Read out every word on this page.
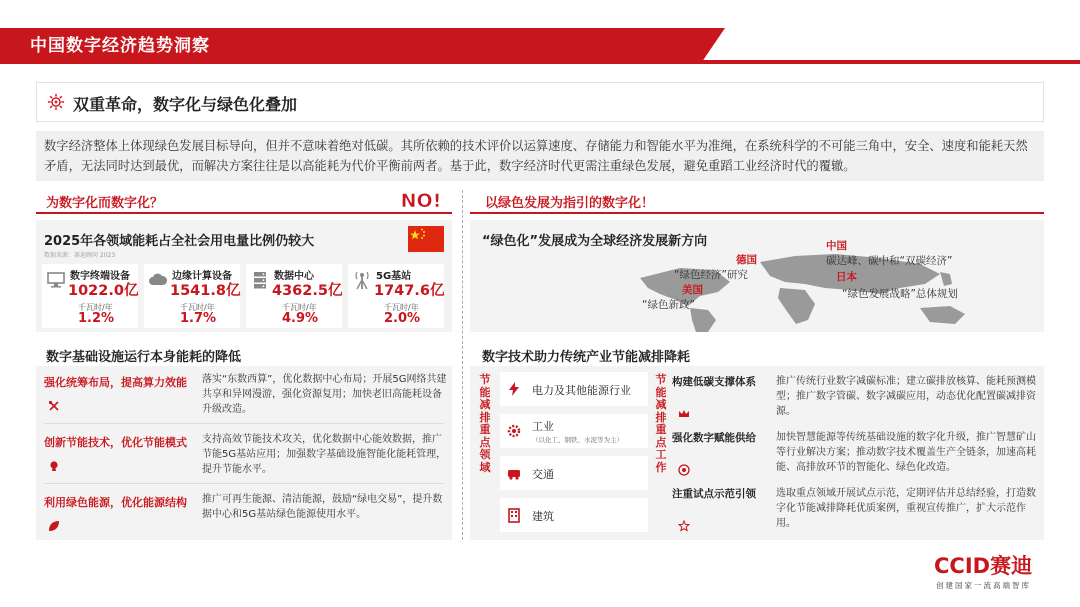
中国数字经济趋势洞察
双重革命，数字化与绿色化叠加
数字经济整体上体现绿色发展目标导向，但并不意味着绝对低碳。其所依赖的技术评价以运算速度、存储能力和智能水平为准绳，在系统科学的不可能三角中，安全、速度和能耗天然矛盾，无法同时达到最优，而解决方案往往是以高能耗为代价平衡前两者。基于此，数字经济时代更需注重绿色发展，避免重蹈工业经济时代的覆辙。
为数字化而数字化？	NO!	以绿色发展为指引的数字化！
2025年各领域能耗占全社会用电量比例仍较大
数据来源：赛迪顾问 2023
数字终端设备
1022.0亿
千瓦时/年
1.2%
边缘计算设备
1541.8亿
千瓦时/年
1.7%
数据中心
4362.5亿
千瓦时/年
4.9%
5G基站
1747.6亿
千瓦时/年
2.0%
“绿色化”发展成为全球经济发展新方向
德国
“绿色经济”研究
美国
“绿色新政”
中国
碳达峰、碳中和“双碳经济”
日本
“绿色发展战略”总体规划
数字基础设施运行本身能耗的降低
强化统筹布局，提高算力效能 落实“东数西算”，优化数据中心布局；开展5G网络共建共享和异网漫游，强化资源复用；加快老旧高能耗设备升级改造。
创新节能技术，优化节能模式 支持高效节能技术攻关，优化数据中心能效数据，推广节能5G基站应用；加强数字基础设施智能化能耗管理，提升节能水平。
利用绿色能源，优化能源结构 推广可再生能源、清洁能源，鼓励“绿电交易”，提升数据中心和5G基站绿色能源使用水平。
数字技术助力传统产业节能减排降耗
节能减排重点领域
电力及其他能源行业
工业
（以化工、钢铁、水泥等为主）
交通
建筑
节能减排重点工作
构建低碳支撑体系 推广传统行业数字减碳标准；建立碳排放核算、能耗预测模型；推广数字管碳、数字减碳应用，动态优化配置碳减排资源。
强化数字赋能供给 加快智慧能源等传统基础设施的数字化升级，推广智慧矿山等行业解决方案；推动数字技术覆盖生产全链条，加速高耗能、高排放环节的智能化、绿色化改造。
注重试点示范引领 选取重点领域开展试点示范，定期评估并总结经验，打造数字化节能减排降耗优质案例，重视宣传推广，扩大示范作用。
CCID赛迪
创建国家一流高端智库
